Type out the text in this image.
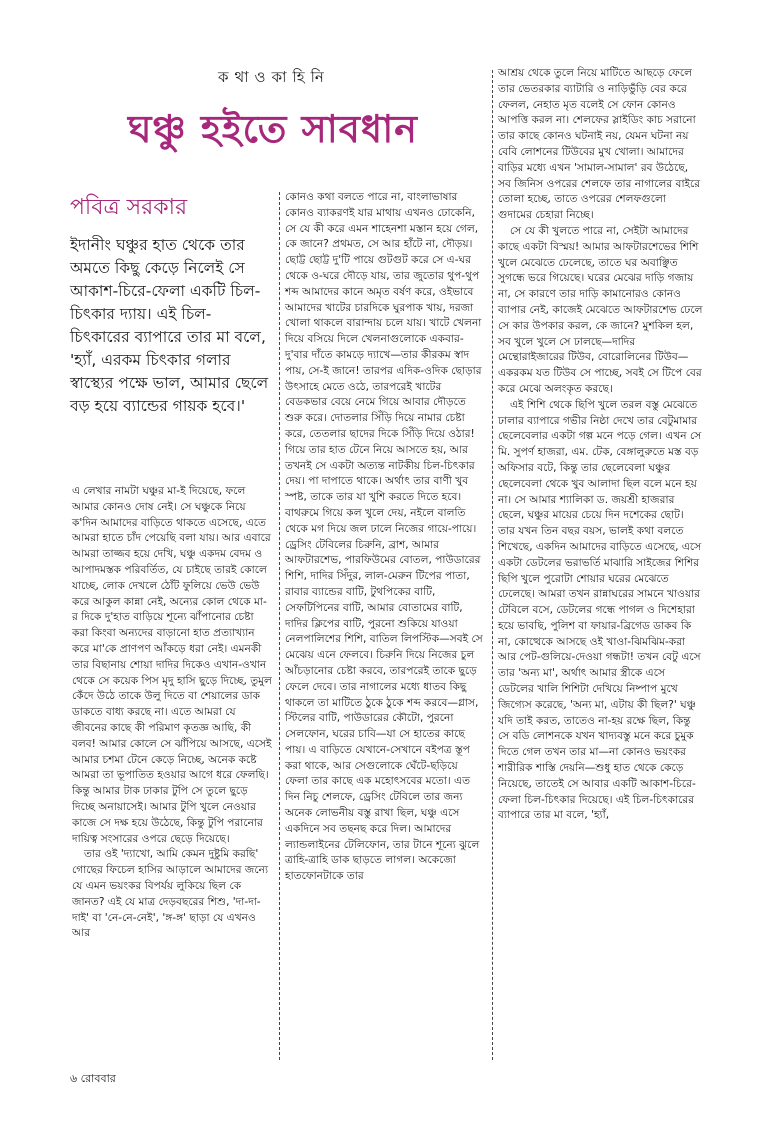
কথাওকাহিনি
ঘঞ্চু হইতে সাবধান
পবিত্র সরকার
ইদানীং ঘঞ্চুর হাত থেকে তার অমতে কিছু কেড়ে নিলেই সে আকাশ-চিরে-ফেলা একটি চিল-চিৎকার দ্যায়। এই চিল-চিৎকারের ব্যাপারে তার মা বলে, 'হ্যাঁ, এরকম চিৎকার গলার স্বাস্থ্যের পক্ষে ভাল, আমার ছেলে বড় হয়ে ব্যান্ডের গায়ক হবে।'

এ লেখার নামটা ঘঞ্চুর মা-ই দিয়েছে, ফলে আমার কোনও দোষ নেই। সে ঘঞ্চুকে নিয়ে ক'দিন আমাদের বাড়িতে থাকতে এসেছে, এতে আমরা হাতে চাঁদ পেয়েছি বলা যায়। আর এবারে আমরা তাজ্জব হয়ে দেখি, ঘঞ্চু একদম বেদম ও আপাদমস্তক পরিবর্তিত, যে চাইছে তারই কোলে যাচ্ছে, লোক দেখলে ঠোঁট ফুলিয়ে ভেউ ভেউ করে আকুল কান্না নেই, অন্যের কোল থেকে মা-র দিকে দু'হাত বাড়িয়ে শূন্যে ঝাঁপানোর চেষ্টা করা কিংবা অন্যদের বাড়ানো হাত প্রত্যাখ্যান করে মা'কে প্রাণপণ আঁকড়ে ধরা নেই। এমনকী তার বিছানায় শোয়া দাদির দিকেও এখান-ওখান থেকে সে কয়েক পিস মৃদু হাসি ছুড়ে দিচ্ছে, তুমুল কেঁদে উঠে তাকে উলু দিতে বা শেয়ালের ডাক ডাকতে বাধ্য করছে না। এতে আমরা যে জীবনের কাছে কী পরিমাণ কৃতজ্ঞ আছি, কী বলব! আমার কোলে সে ঝাঁপিয়ে আসছে, এসেই আমার চশমা টেনে কেড়ে নিচ্ছে, অনেক কষ্টে আমরা তা ভূপাতিত হওয়ার আগে ধরে ফেলছি। কিন্তু আমার টাক ঢাকার টুপি সে তুলে ছুড়ে দিচ্ছে অনায়াসেই। আমার টুপি খুলে নেওয়ার কাজে সে দক্ষ হয়ে উঠেছে, কিন্তু টুপি পরানোর দায়িত্ব সংসারের ওপরে ছেড়ে দিয়েছে।

তার ওই 'দ্যাখো, আমি কেমন দুষ্টুমি করছি' গোছের ফিচেল হাসির আড়ালে আমাদের জন্যে যে এমন ভয়ংকর বিপর্যয় লুকিয়ে ছিল কে জানত? এই যে মাত্র দেড়বছরের শিশু, 'দা-দা-দাই' বা 'নে-নে-নেই', 'ঙ্গ-ঙ্গ' ছাড়া যে এখনও আর

কোনও কথা বলতে পারে না, বাংলাভাষার কোনও ব্যাকরণই যার মাথায় এখনও ঢোকেনি, সে যে কী করে এমন শাহেনশা মস্তান হয়ে গেল, কে জানে? প্রথমত, সে আর হাঁটে না, দৌড়য়। ছোট্ট ছোট্ট দু'টি পায়ে গুটগুট করে সে এ-ঘর থেকে ও-ঘরে দৌড়ে যায়, তার জুতোর থুপ-থুপ শব্দ আমাদের কানে অমৃত বর্ষণ করে, ওইভাবে আমাদের খাটের চারদিকে ঘুরপাক খায়, দরজা খোলা থাকলে বারান্দায় চলে যায়। খাটে খেলনা দিয়ে বসিয়ে দিলে খেলনাগুলোকে একবার-দু'বার দাঁতে কামড়ে দ্যাখে—তার কীরকম স্বাদ পায়, সে-ই জানে! তারপর এদিক-ওদিক ছোড়ার উৎসাহে মেতে ওঠে, তারপরেই খাটের বেডকভার বেয়ে নেমে গিয়ে আবার দৌড়তে শুরু করে। দোতলার সিঁড়ি দিয়ে নামার চেষ্টা করে, তেতলার ছাদের দিকে সিঁড়ি দিয়ে ওঠার! গিয়ে তার হাত টেনে নিয়ে আসতে হয়, আর তখনই সে একটা অত্যন্ত নাটকীয় চিল-চিৎকার দেয়। পা দাপাতে থাকে। অর্থাৎ তার বাণী খুব স্পষ্ট, তাকে তার যা খুশি করতে দিতে হবে। বাথরুমে গিয়ে কল খুলে দেয়, নইলে বালতি থেকে মগ দিয়ে জল ঢালে নিজের গায়ে-পায়ে। ড্রেসিং টেবিলের চিরুনি, ব্রাশ, আমার আফটারশেভ, পারফিউমের বোতল, পাউডারের শিশি, দাদির সিঁদুর, লাল-মেরুন টিপের পাতা, রাবার ব্যান্ডের বাটি, টুথপিকের বাটি, সেফটিপিনের বাটি, আমার বোতামের বাটি, দাদির ক্লিপের বাটি, পুরনো শুকিয়ে যাওয়া নেলপালিশের শিশি, বাতিল লিপস্টিক—সবই সে মেঝেয় এনে ফেলবে। চিরুনি দিয়ে নিজের চুল আঁচড়ানোর চেষ্টা করবে, তারপরেই তাকে ছুড়ে ফেলে দেবে। তার নাগালের মধ্যে ধাতব কিছু থাকলে তা মাটিতে ঠুকে ঠুকে শব্দ করবে—গ্লাস, স্টিলের বাটি, পাউডারের কৌটো, পুরনো সেলফোন, ঘরের চাবি—যা সে হাতের কাছে পায়। এ বাড়িতে যেখানে-সেখানে বইপত্র স্তূপ করা থাকে, আর সেগুলোকে ঘেঁটে-ছড়িয়ে ফেলা তার কাছে এক মহোৎসবের মতো। এত দিন নিচু শেলফে, ড্রেসিং টেবিলে তার জন্য অনেক লোভনীয় বস্তু রাখা ছিল, ঘঞ্চু এসে একদিনে সব তছনছ করে দিল। আমাদের ল্যান্ডলাইনের টেলিফোন, তার টানে শূন্যে ঝুলে ত্রাহি-ত্রাহি ডাক ছাড়তে লাগল। অকেজো হাতফোনটাকে তার

আশ্রয় থেকে তুলে নিয়ে মাটিতে আছড়ে ফেলে তার ভেতরকার ব্যাটারি ও নাড়িভুঁড়ি বের করে ফেলল, নেহাত মৃত বলেই সে ফোন কোনও আপত্তি করল না। শেলফের স্লাইডিং কাচ সরানো তার কাছে কোনও ঘটনাই নয়, যেমন ঘটনা নয় বেবি লোশনের টিউবের মুখ খোলা। আমাদের বাড়ির মধ্যে এখন 'সামাল-সামাল' রব উঠেছে, সব জিনিস ওপরের শেলফে তার নাগালের বাইরে তোলা হচ্ছে, তাতে ওপরের শেলফগুলো গুদামের চেহারা নিচ্ছে।

সে যে কী খুলতে পারে না, সেইটা আমাদের কাছে একটা বিস্ময়! আমার আফটারশেভের শিশি খুলে মেঝেতে ঢেলেছে, তাতে ঘর অবাঞ্ছিত সুগন্ধে ভরে গিয়েছে। ঘরের মেঝের দাড়ি গজায় না, সে কারণে তার দাড়ি কামানোরও কোনও ব্যাপার নেই, কাজেই মেঝেতে আফটারশেভ ঢেলে সে কার উপকার করল, কে জানে? মুশকিল হল, সব খুলে খুলে সে ঢালছে—দাদির মেন্থোরাইজারের টিউব, বোরোলিনের টিউব—একরকম যত টিউব সে পাচ্ছে, সবই সে টিপে বের করে মেঝে অলংকৃত করছে।

এই শিশি থেকে ছিপি খুলে তরল বস্তু মেঝেতে ঢালার ব্যাপারে গভীর নিষ্ঠা দেখে তার বেটুমামার ছেলেবেলার একটা গল্প মনে পড়ে গেল। এখন সে মি. সুপর্ণ হাজরা, এম. টেক, বেঙ্গালুরুতে মস্ত বড় অফিসার বটে, কিন্তু তার ছেলেবেলা ঘঞ্চুর ছেলেবেলা থেকে খুব আলাদা ছিল বলে মনে হয় না। সে আমার শ্যালিকা ড. জয়শ্রী হাজরার ছেলে, ঘঞ্চুর মায়ের চেয়ে দিন দশেকের ছোট। তার যখন তিন বছর বয়স, ভালই কথা বলতে শিখেছে, একদিন আমাদের বাড়িতে এসেছে, এসে একটা ডেটলের ভরাভর্তি মাঝারি সাইজের শিশির ছিপি খুলে পুরোটা শোয়ার ঘরের মেঝেতে ঢেলেছে। আমরা তখন রান্নাঘরের সামনে খাওয়ার টেবিলে বসে, ডেটলের গন্ধে পাগল ও দিশেহারা হয়ে ভাবছি, পুলিশ বা ফায়ার-ব্রিগেড ডাকব কি না, কোত্থেকে আসছে ওই খাওা-ঝিমঝিম-করা আর পেট-গুলিয়ে-দেওয়া গন্ধটা! তখন বেটু এসে তার 'অন্য মা', অর্থাৎ আমার স্ত্রীকে এসে ডেটলের খালি শিশিটা দেখিয়ে নিষ্পাপ মুখে জিগ্যেস করেছে, 'অন্য মা, এটায় কী ছিল?' ঘঞ্চু যদি তাই করত, তাতেও না-হয় রক্ষে ছিল, কিন্তু সে বডি লোশনকে যখন খাদ্যবস্তু মনে করে চুমুক দিতে গেল তখন তার মা—না কোনও ভয়ংকর শারীরিক শাস্তি দেয়নি—শুধু হাত থেকে কেড়ে নিয়েছে, তাতেই সে আবার একটি আকাশ-চিরে-ফেলা চিল-চিৎকার দিয়েছে। এই চিল-চিৎকারের ব্যাপারে তার মা বলে, 'হ্যাঁ,

৬ রোববার
